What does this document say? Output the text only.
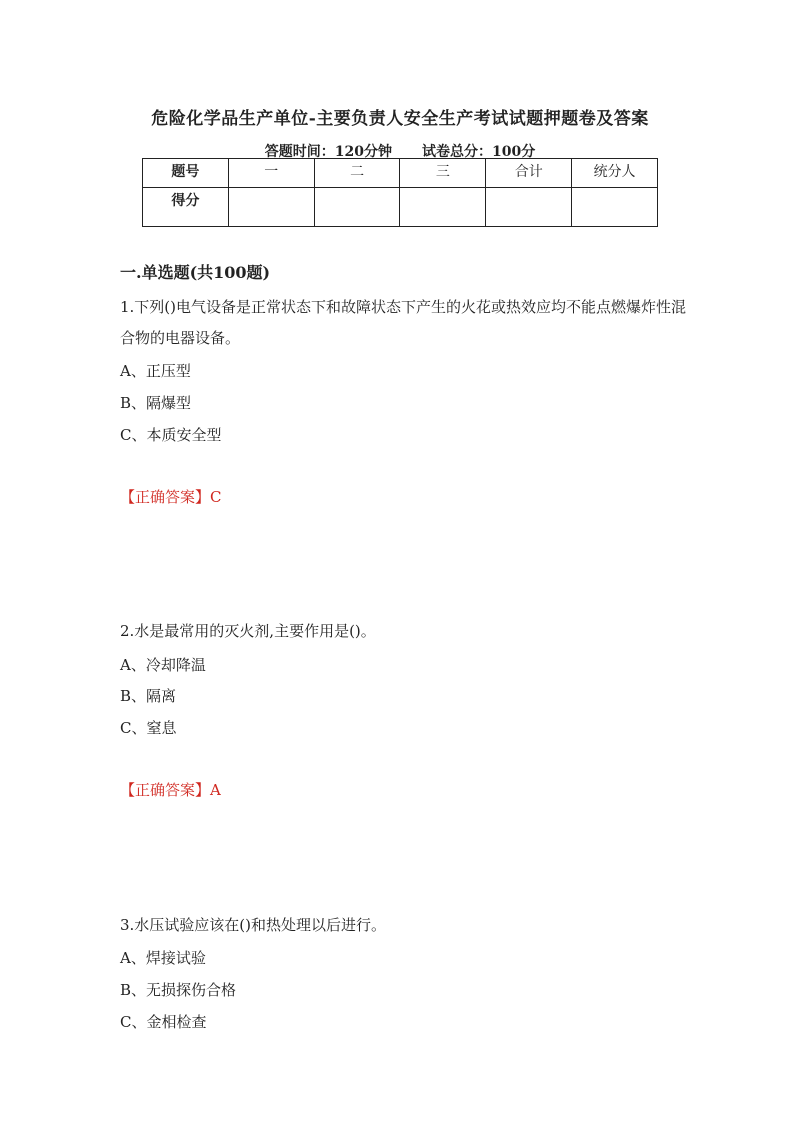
危险化学品生产单位-主要负责人安全生产考试试题押题卷及答案
答题时间：120分钟 试卷总分：100分
题号	一	二	三	合计	统分人
得分					
一.单选题(共100题)
1.下列()电气设备是正常状态下和故障状态下产生的火花或热效应均不能点燃爆炸性混合物的电器设备。
A、正压型
B、隔爆型
C、本质安全型
【正确答案】C
2.水是最常用的灭火剂,主要作用是()。
A、冷却降温
B、隔离
C、窒息
【正确答案】A
3.水压试验应该在()和热处理以后进行。
A、焊接试验
B、无损探伤合格
C、金相检查
